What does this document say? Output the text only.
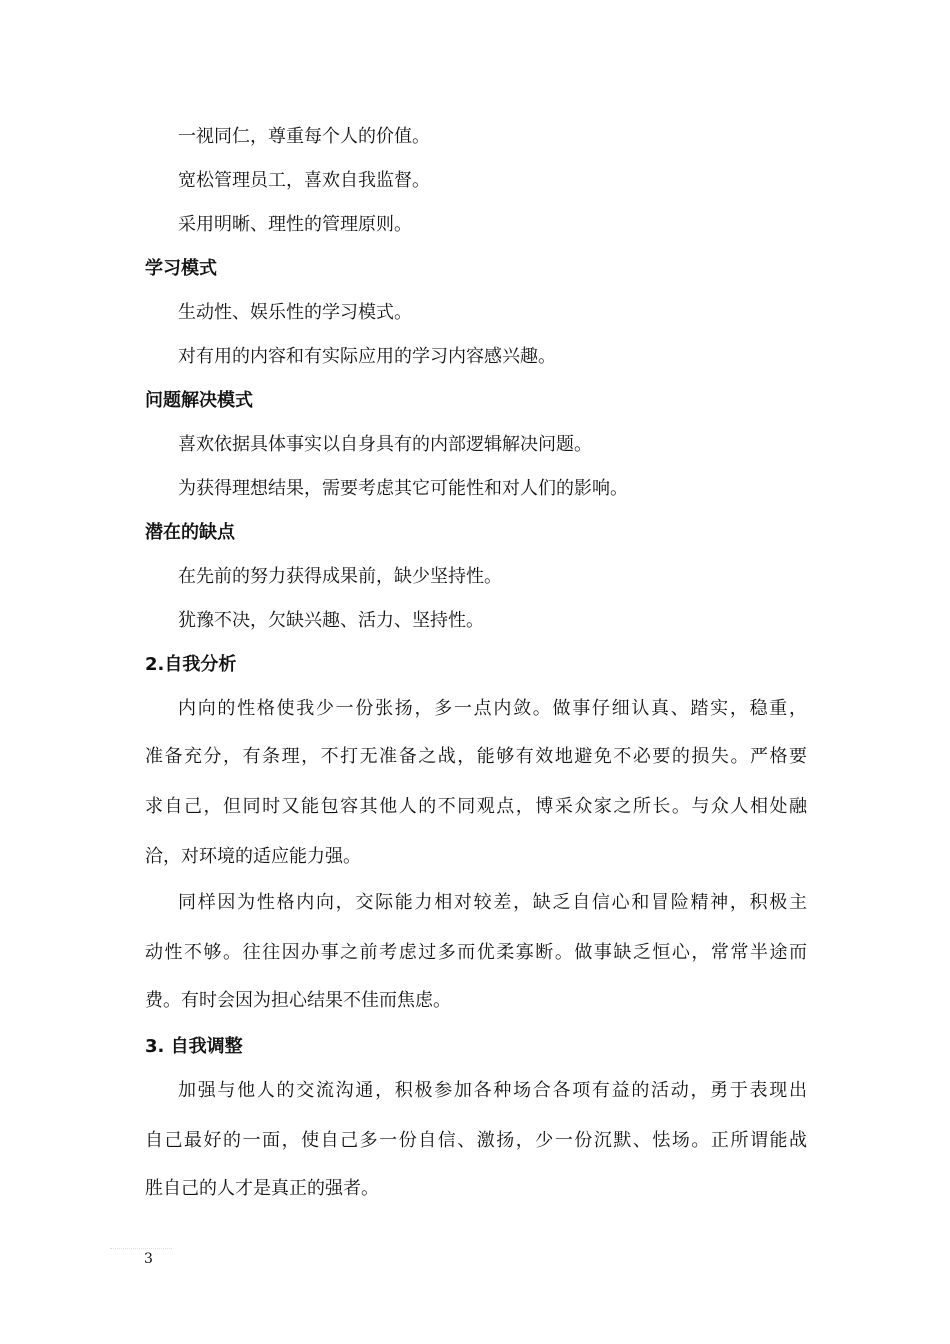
一视同仁，尊重每个人的价值。

宽松管理员工，喜欢自我监督。

采用明晰、理性的管理原则。

学习模式

生动性、娱乐性的学习模式。

对有用的内容和有实际应用的学习内容感兴趣。

问题解决模式

喜欢依据具体事实以自身具有的内部逻辑解决问题。

为获得理想结果，需要考虑其它可能性和对人们的影响。

潜在的缺点

在先前的努力获得成果前，缺少坚持性。

犹豫不决，欠缺兴趣、活力、坚持性。

2.自我分析

内向的性格使我少一份张扬，多一点内敛。做事仔细认真、踏实，稳重，

准备充分，有条理，不打无准备之战，能够有效地避免不必要的损失。严格要

求自己，但同时又能包容其他人的不同观点，博采众家之所长。与众人相处融

洽，对环境的适应能力强。

同样因为性格内向，交际能力相对较差，缺乏自信心和冒险精神，积极主

动性不够。往往因办事之前考虑过多而优柔寡断。做事缺乏恒心，常常半途而

费。有时会因为担心结果不佳而焦虑。

3. 自我调整

加强与他人的交流沟通，积极参加各种场合各项有益的活动，勇于表现出

自己最好的一面，使自己多一份自信、激扬，少一份沉默、怯场。正所谓能战

胜自己的人才是真正的强者。

3
